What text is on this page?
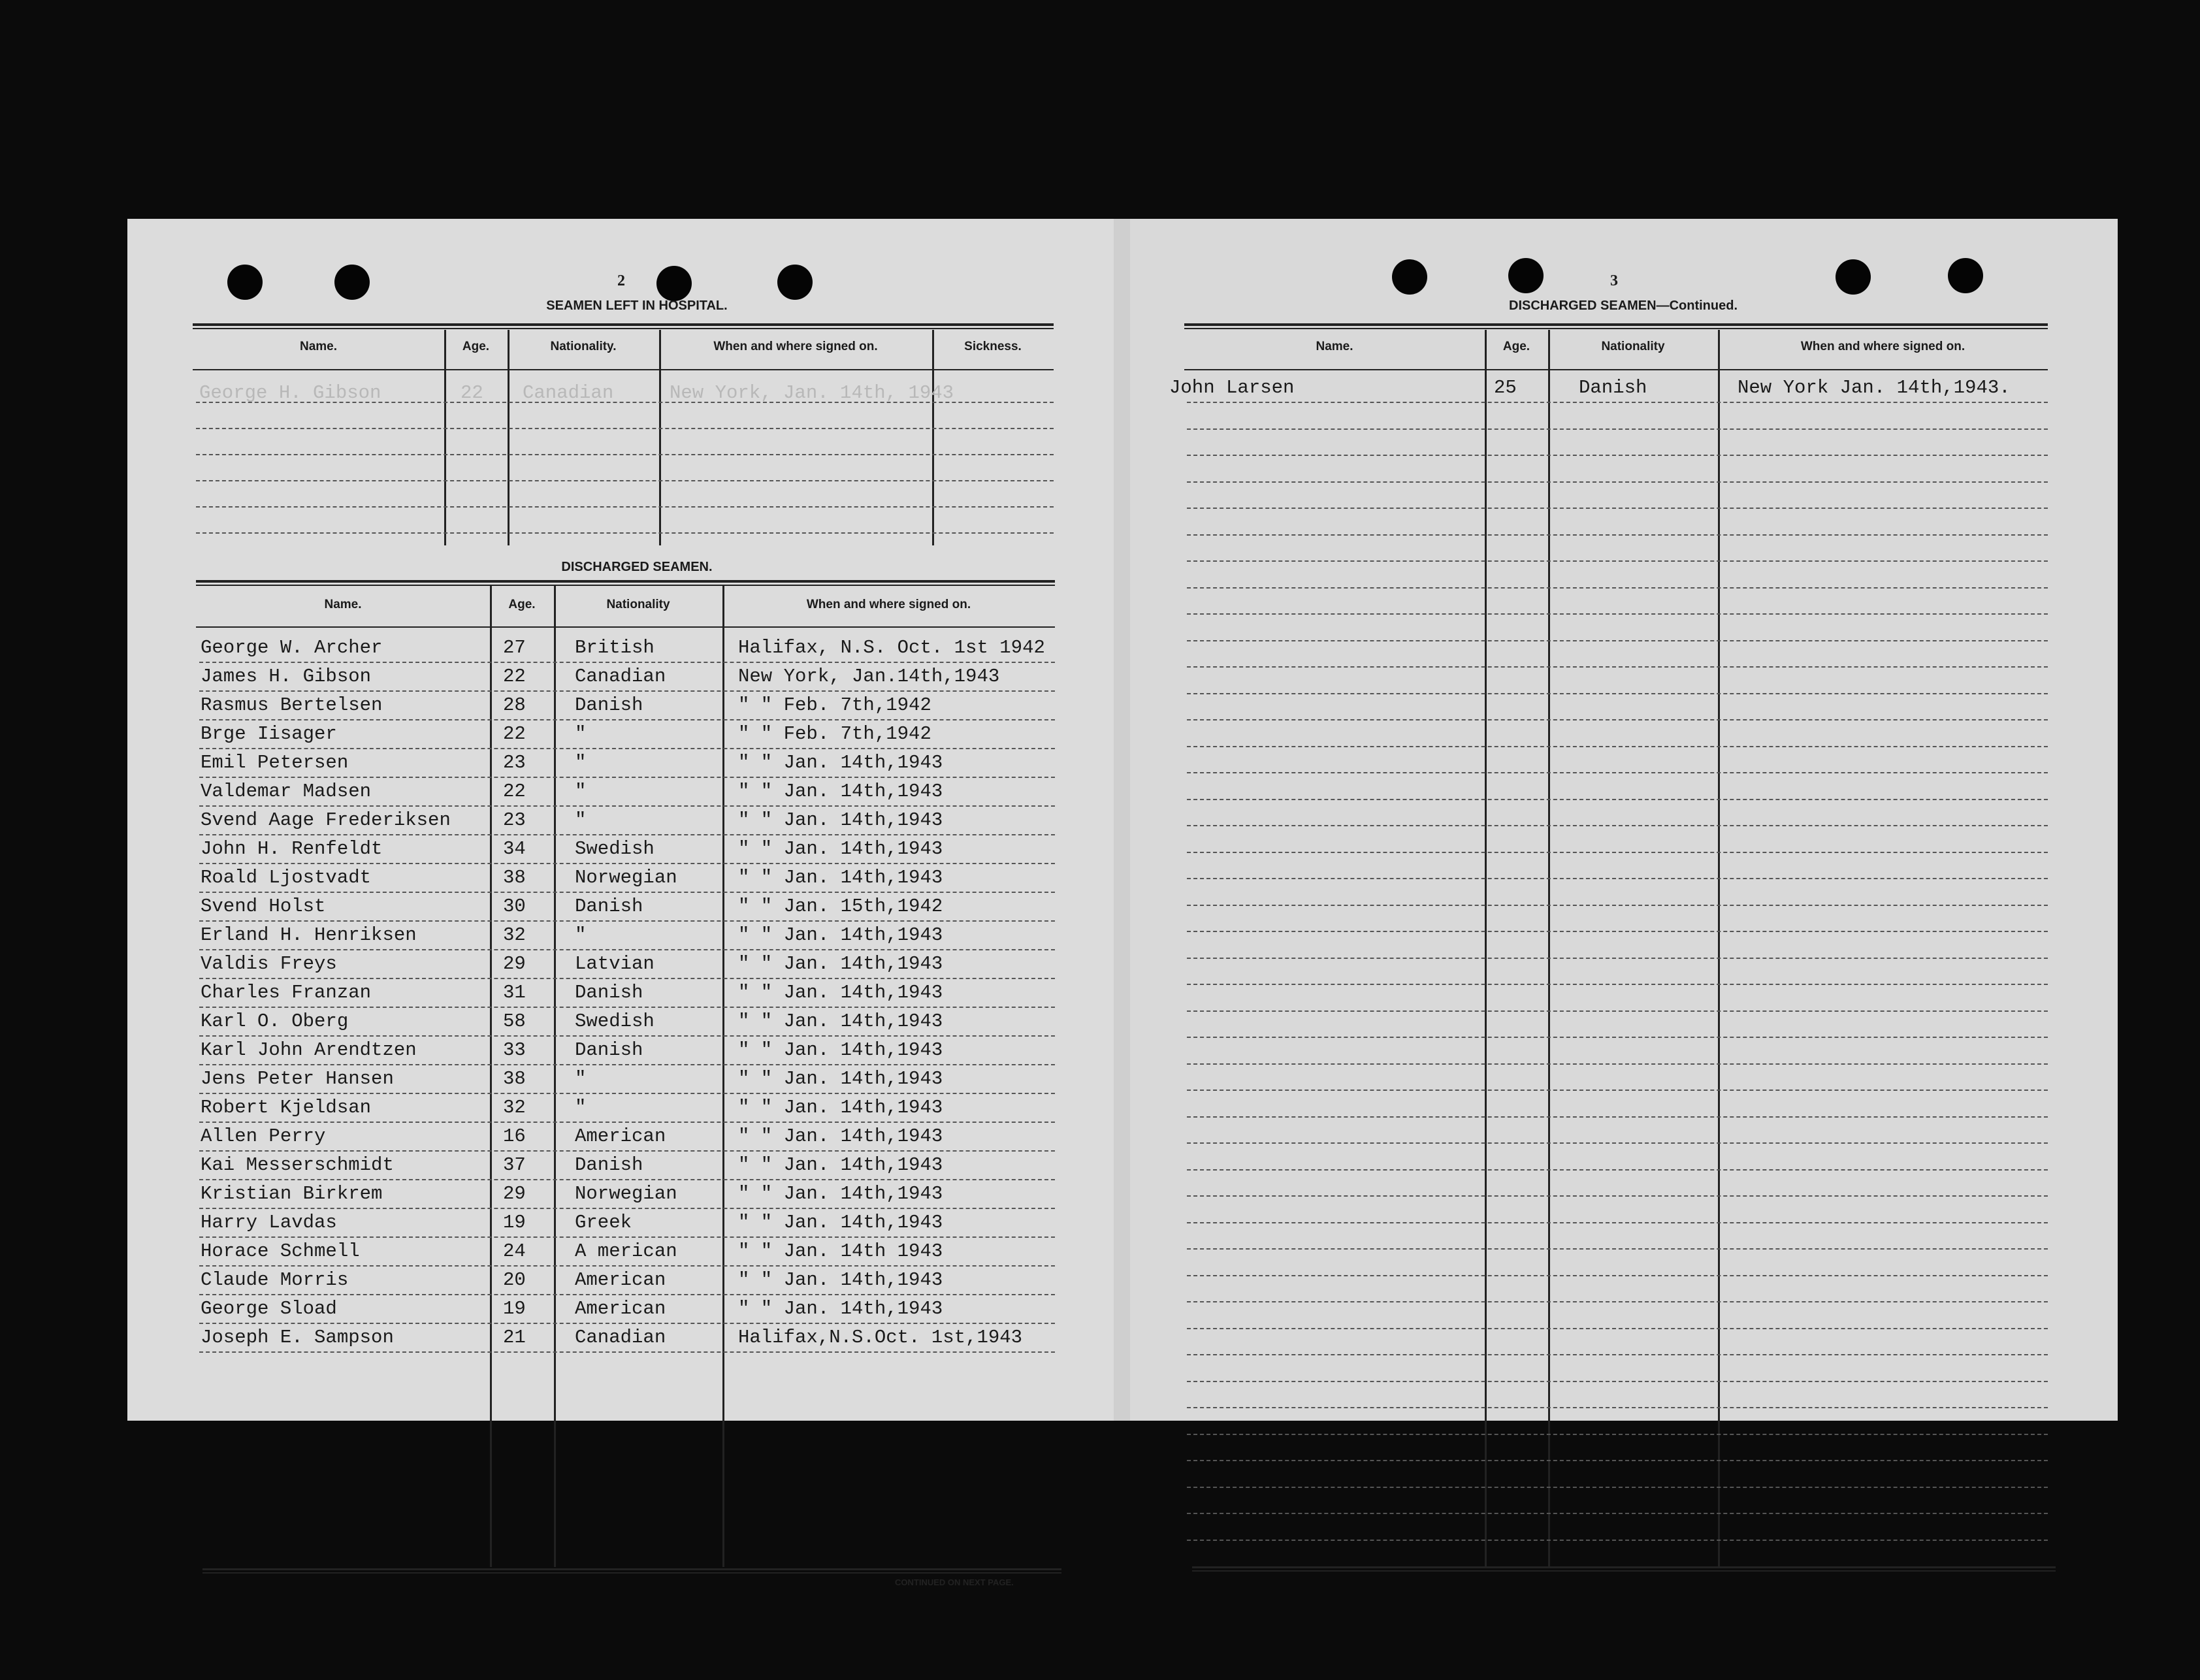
2
SEAMEN LEFT IN HOSPITAL.
Name.	Age.	Nationality.	When and where signed on.	Sickness.
George H. Gibson	22 Canadian	New York, Jan. 14th, 1943
DISCHARGED SEAMEN.
Name.	Age.	Nationality	When and where signed on.
George W. Archer	27	British	Halifax, N.S. Oct. 1st 1942
James H. Gibson	22	Canadian	New York, Jan.14th,1943
Rasmus Bertelsen	28	Danish	" " Feb. 7th,1942
Brge Iisager	22	"	" " Feb. 7th,1942
Emil Petersen	23	"	" " Jan. 14th,1943
Valdemar Madsen	22	"	" " Jan. 14th,1943
Svend Aage Frederiksen	23	"	" " Jan. 14th,1943
John H. Renfeldt	34	Swedish	" " Jan. 14th,1943
Roald Ljostvadt	38	Norwegian	" " Jan. 14th,1943
Svend Holst	30	Danish	" " Jan. 15th,1942
Erland H. Henriksen	32	"	" " Jan. 14th,1943
Valdis Freys	29	Latvian	" " Jan. 14th,1943
Charles Franzan	31	Danish	" " Jan. 14th,1943
Karl O. Oberg	58	Swedish	" " Jan. 14th,1943
Karl John Arendtzen	33	Danish	" " Jan. 14th,1943
Jens Peter Hansen	38	"	" " Jan. 14th,1943
Robert Kjeldsan	32	"	" " Jan. 14th,1943
Allen Perry	16	American	" " Jan. 14th,1943
Kai Messerschmidt	37	Danish	" " Jan. 14th,1943
Kristian Birkrem	29	Norwegian	" " Jan. 14th,1943
Harry Lavdas	19	Greek	" " Jan. 14th,1943
Horace Schmell	24	A merican	" " Jan. 14th 1943
Claude Morris	20	American	" " Jan. 14th,1943
George Sload	19	American	" " Jan. 14th,1943
Joseph E. Sampson	21	Canadian	Halifax,N.S.Oct. 1st,1943
CONTINUED ON NEXT PAGE.
3
DISCHARGED SEAMEN—Continued.
Name.	Age.	Nationality	When and where signed on.
John Larsen	25	Danish	New York Jan. 14th,1943.
